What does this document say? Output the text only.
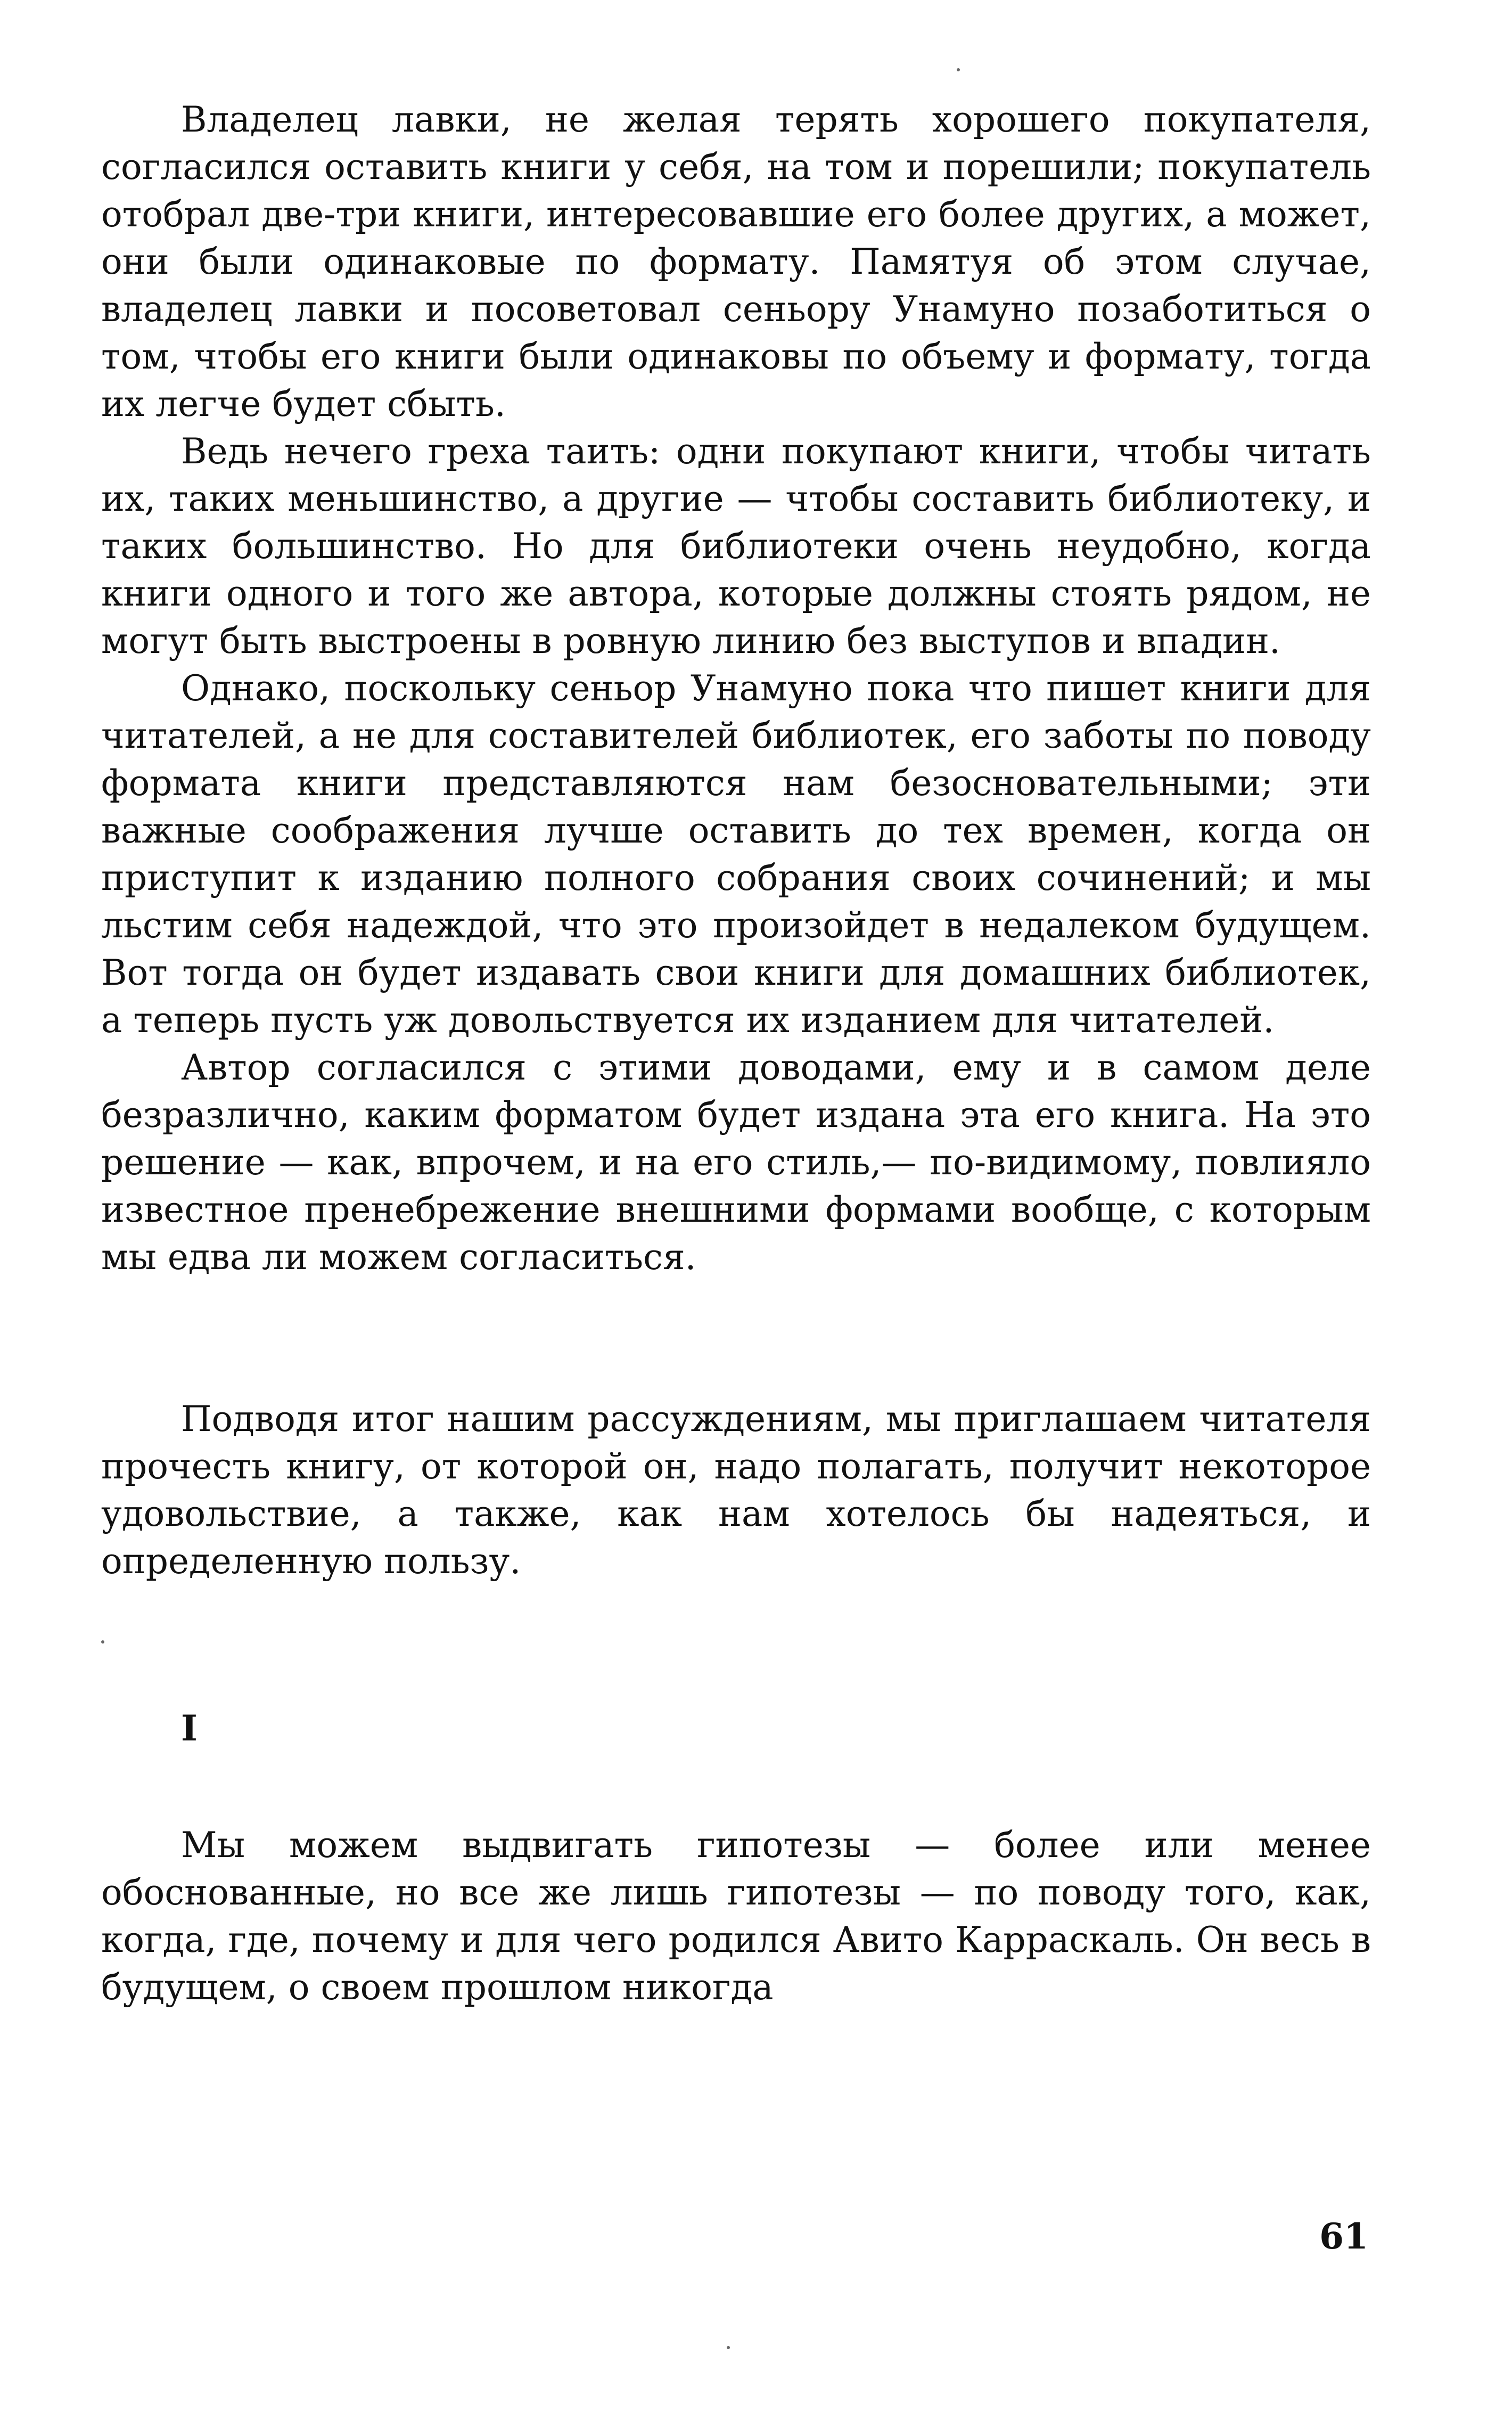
Владелец лавки, не желая терять хорошего покупателя, согласился оставить книги у себя, на том и порешили; покупатель отобрал две-три книги, интересовавшие его более других, а может, они были одинаковые по формату. Памятуя об этом случае, владелец лавки и посоветовал сеньору Унамуно позаботиться о том, чтобы его книги были одинаковы по объему и формату, тогда их легче будет сбыть.

Ведь нечего греха таить: одни покупают книги, чтобы читать их, таких меньшинство, а другие — чтобы составить библиотеку, и таких большинство. Но для библиотеки очень неудобно, когда книги одного и того же автора, которые должны стоять рядом, не могут быть выстроены в ровную линию без выступов и впадин.

Однако, поскольку сеньор Унамуно пока что пишет книги для читателей, а не для составителей библиотек, его заботы по поводу формата книги представляются нам безосновательными; эти важные соображения лучше оставить до тех времен, когда он приступит к изданию полного собрания своих сочинений; и мы льстим себя надеждой, что это произойдет в недалеком будущем. Вот тогда он будет издавать свои книги для домашних библиотек, а теперь пусть уж довольствуется их изданием для читателей.

Автор согласился с этими доводами, ему и в самом деле безразлично, каким форматом будет издана эта его книга. На это решение — как, впрочем, и на его стиль,— по-видимому, повлияло известное пренебрежение внешними формами вообще, с которым мы едва ли можем согласиться.

Подводя итог нашим рассуждениям, мы приглашаем читателя прочесть книгу, от которой он, надо полагать, получит некоторое удовольствие, а также, как нам хотелось бы надеяться, и определенную пользу.

I

Мы можем выдвигать гипотезы — более или менее обоснованные, но все же лишь гипотезы — по поводу того, как, когда, где, почему и для чего родился Авито Карраскаль. Он весь в будущем, о своем прошлом никогда

61
